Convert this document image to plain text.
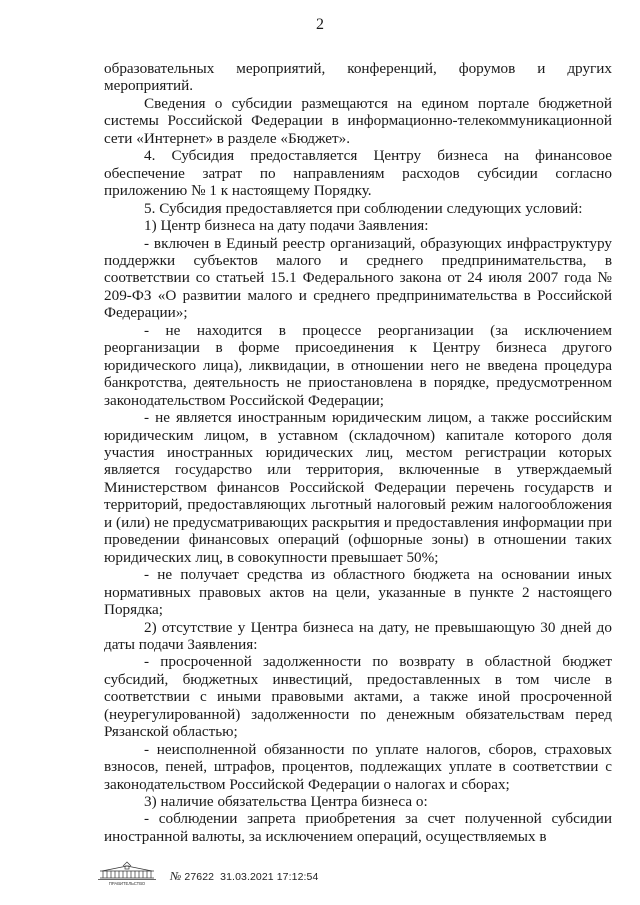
2

образовательных мероприятий, конференций, форумов и других мероприятий.

Сведения о субсидии размещаются на едином портале бюджетной системы Российской Федерации в информационно-телекоммуникационной сети «Интернет» в разделе «Бюджет».

4. Субсидия предоставляется Центру бизнеса на финансовое обеспечение затрат по направлениям расходов субсидии согласно приложению № 1 к настоящему Порядку.

5. Субсидия предоставляется при соблюдении следующих условий:

1) Центр бизнеса на дату подачи Заявления:

- включен в Единый реестр организаций, образующих инфраструктуру поддержки субъектов малого и среднего предпринимательства, в соответствии со статьей 15.1 Федерального закона от 24 июля 2007 года № 209-ФЗ «О развитии малого и среднего предпринимательства в Российской Федерации»;

- не находится в процессе реорганизации (за исключением реорганизации в форме присоединения к Центру бизнеса другого юридического лица), ликвидации, в отношении него не введена процедура банкротства, деятельность не приостановлена в порядке, предусмотренном законодательством Российской Федерации;

- не является иностранным юридическим лицом, а также российским юридическим лицом, в уставном (складочном) капитале которого доля участия иностранных юридических лиц, местом регистрации которых является государство или территория, включенные в утверждаемый Министерством финансов Российской Федерации перечень государств и территорий, предоставляющих льготный налоговый режим налогообложения и (или) не предусматривающих раскрытия и предоставления информации при проведении финансовых операций (офшорные зоны) в отношении таких юридических лиц, в совокупности превышает 50%;

- не получает средства из областного бюджета на основании иных нормативных правовых актов на цели, указанные в пункте 2 настоящего Порядка;

2) отсутствие у Центра бизнеса на дату, не превышающую 30 дней до даты подачи Заявления:

- просроченной задолженности по возврату в областной бюджет субсидий, бюджетных инвестиций, предоставленных в том числе в соответствии с иными правовыми актами, а также иной просроченной (неурегулированной) задолженности по денежным обязательствам перед Рязанской областью;

- неисполненной обязанности по уплате налогов, сборов, страховых взносов, пеней, штрафов, процентов, подлежащих уплате в соответствии с законодательством Российской Федерации о налогах и сборах;

3) наличие обязательства Центра бизнеса о:

- соблюдении запрета приобретения за счет полученной субсидии иностранной валюты, за исключением операций, осуществляемых в

ПРАВИТЕЛЬСТВО
№ 27622 31.03.2021 17:12:54
